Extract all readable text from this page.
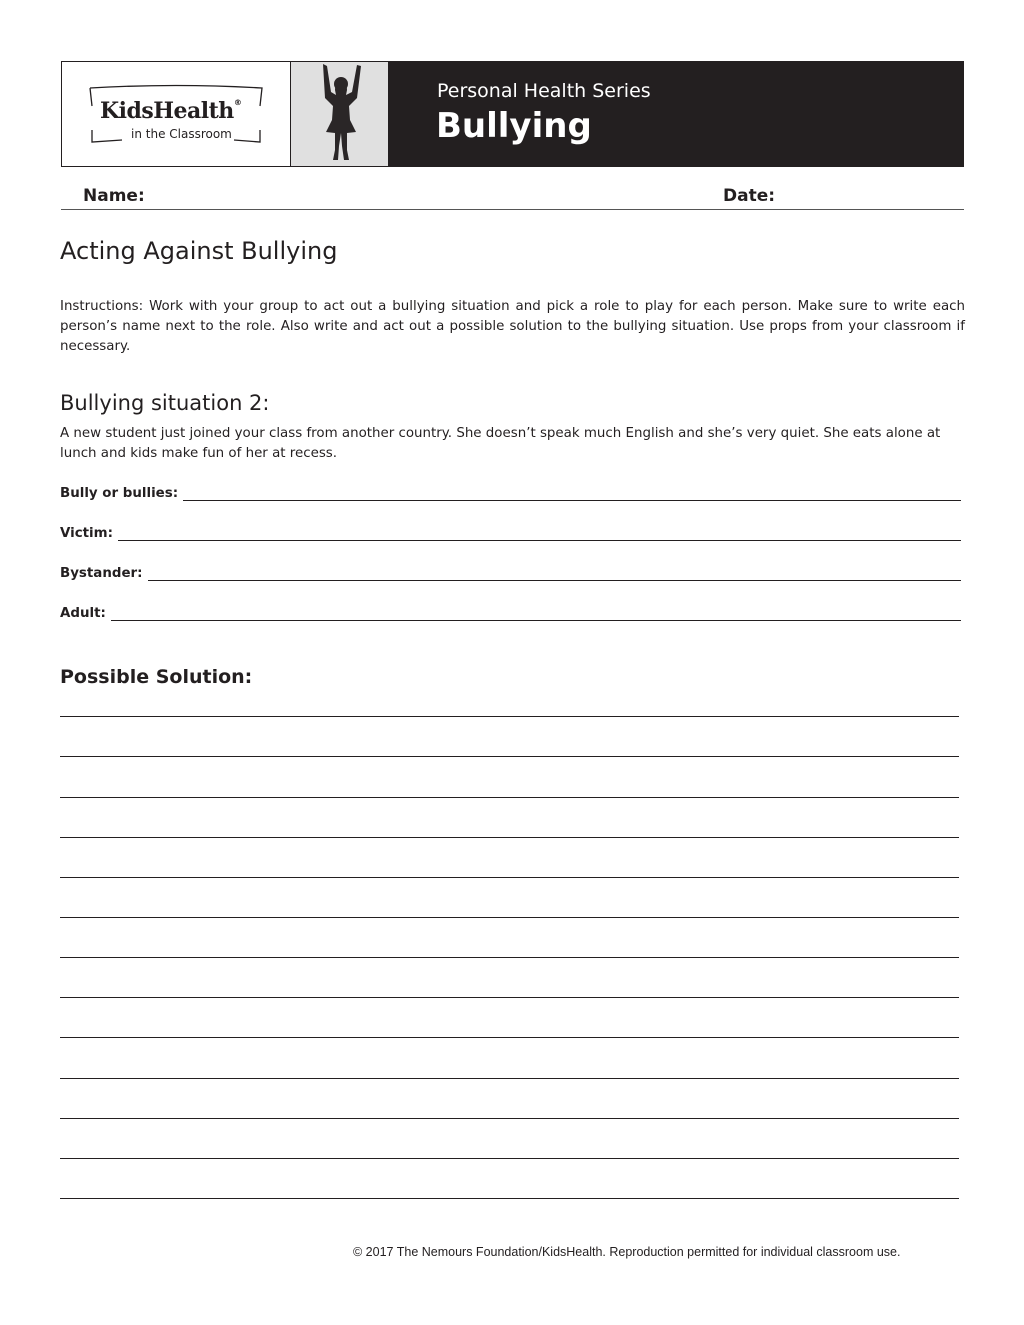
KidsHealth®
in the Classroom
Personal Health Series
Bullying
Name:	Date:
Acting Against Bullying
Instructions: Work with your group to act out a bullying situation and pick a role to play for each person. Make sure to write each person’s name next to the role. Also write and act out a possible solution to the bullying situation. Use props from your classroom if necessary.
Bullying situation 2:
A new student just joined your class from another country. She doesn’t speak much English and she’s very quiet. She eats alone at lunch and kids make fun of her at recess.
Bully or bullies:
Victim:
Bystander:
Adult:
Possible Solution:
© 2017 The Nemours Foundation/KidsHealth. Reproduction permitted for individual classroom use.
